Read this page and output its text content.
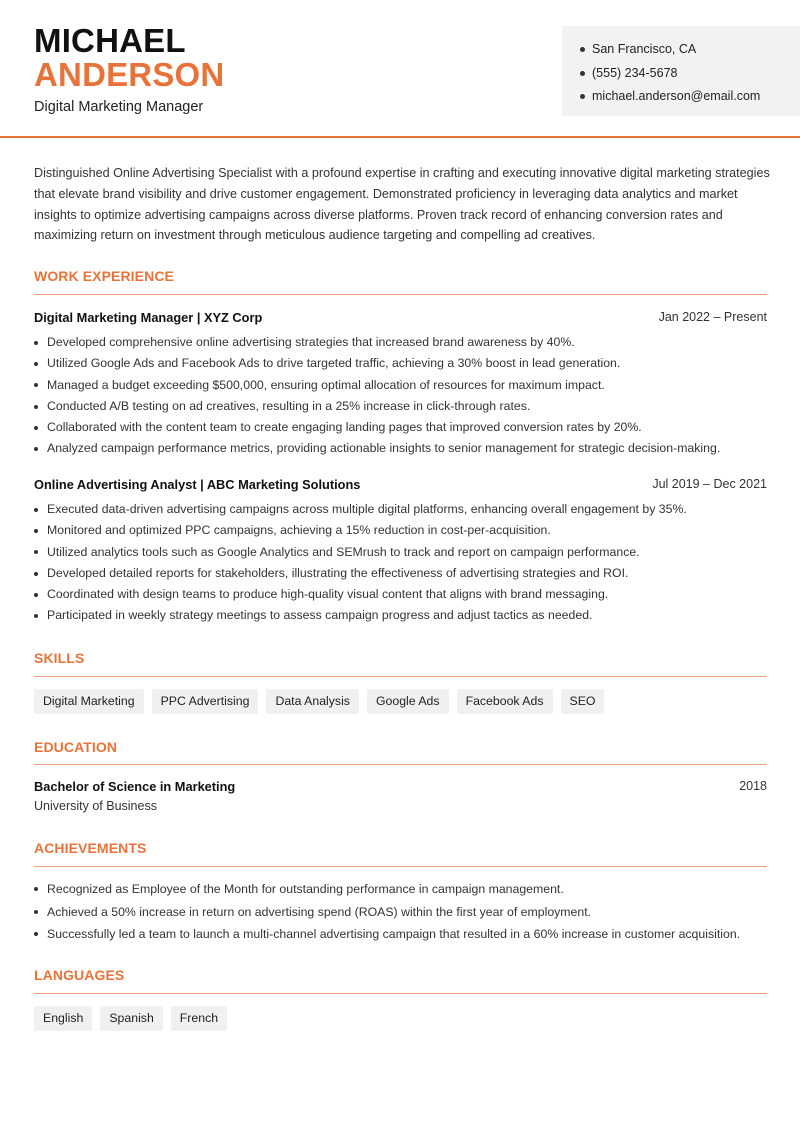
MICHAEL
ANDERSON
Digital Marketing Manager
San Francisco, CA
(555) 234-5678
michael.anderson@email.com

Distinguished Online Advertising Specialist with a profound expertise in crafting and executing innovative digital marketing strategies that elevate brand visibility and drive customer engagement. Demonstrated proficiency in leveraging data analytics and market insights to optimize advertising campaigns across diverse platforms. Proven track record of enhancing conversion rates and maximizing return on investment through meticulous audience targeting and compelling ad creatives.

WORK EXPERIENCE
Digital Marketing Manager | XYZ Corp	Jan 2022 – Present
Developed comprehensive online advertising strategies that increased brand awareness by 40%.
Utilized Google Ads and Facebook Ads to drive targeted traffic, achieving a 30% boost in lead generation.
Managed a budget exceeding $500,000, ensuring optimal allocation of resources for maximum impact.
Conducted A/B testing on ad creatives, resulting in a 25% increase in click-through rates.
Collaborated with the content team to create engaging landing pages that improved conversion rates by 20%.
Analyzed campaign performance metrics, providing actionable insights to senior management for strategic decision-making.
Online Advertising Analyst | ABC Marketing Solutions	Jul 2019 – Dec 2021
Executed data-driven advertising campaigns across multiple digital platforms, enhancing overall engagement by 35%.
Monitored and optimized PPC campaigns, achieving a 15% reduction in cost-per-acquisition.
Utilized analytics tools such as Google Analytics and SEMrush to track and report on campaign performance.
Developed detailed reports for stakeholders, illustrating the effectiveness of advertising strategies and ROI.
Coordinated with design teams to produce high-quality visual content that aligns with brand messaging.
Participated in weekly strategy meetings to assess campaign progress and adjust tactics as needed.
SKILLS
Digital Marketing	PPC Advertising	Data Analysis	Google Ads	Facebook Ads	SEO
EDUCATION
Bachelor of Science in Marketing	2018
University of Business
ACHIEVEMENTS
Recognized as Employee of the Month for outstanding performance in campaign management.
Achieved a 50% increase in return on advertising spend (ROAS) within the first year of employment.
Successfully led a team to launch a multi-channel advertising campaign that resulted in a 60% increase in customer acquisition.
LANGUAGES
English	Spanish	French
